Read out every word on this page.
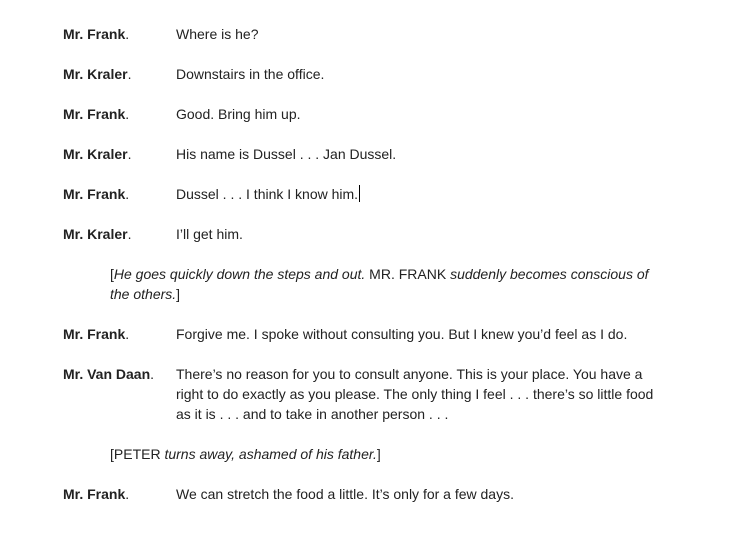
Mr. Frank.	Where is he?
Mr. Kraler.	Downstairs in the office.
Mr. Frank.	Good. Bring him up.
Mr. Kraler.	His name is Dussel . . . Jan Dussel.
Mr. Frank.	Dussel . . . I think I know him.
Mr. Kraler.	I’ll get him.
[He goes quickly down the steps and out. MR. FRANK suddenly becomes conscious of the others.]
Mr. Frank.	Forgive me. I spoke without consulting you. But I knew you’d feel as I do.
Mr. Van Daan. There’s no reason for you to consult anyone. This is your place. You have a right to do exactly as you please. The only thing I feel . . . there’s so little food as it is . . . and to take in another person . . .
[PETER turns away, ashamed of his father.]
Mr. Frank.	We can stretch the food a little. It’s only for a few days.
